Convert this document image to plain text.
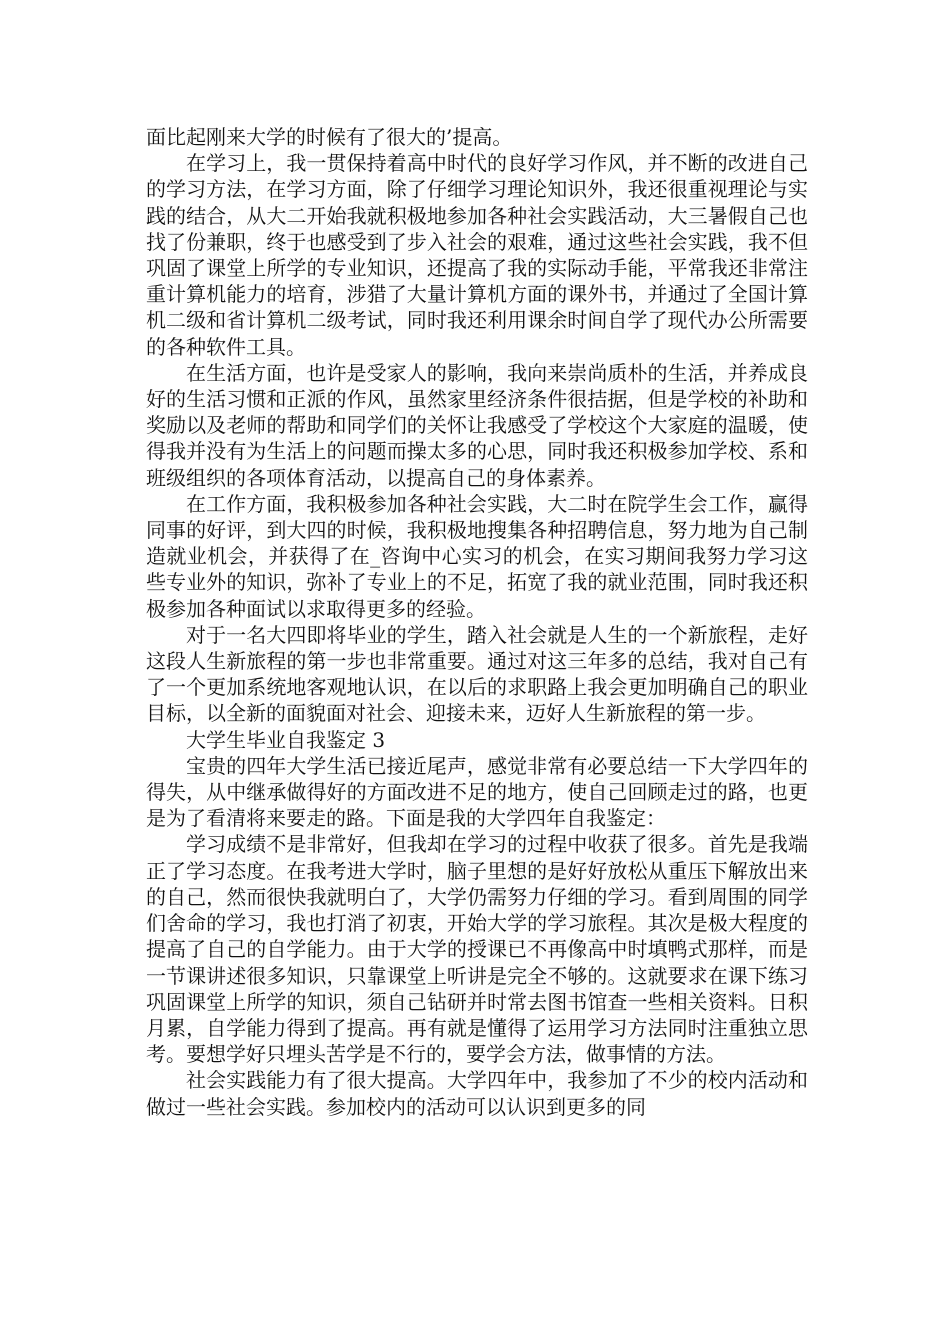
面比起刚来大学的时候有了很大的’提高。

在学习上，我一贯保持着高中时代的良好学习作风，并不断的改进自己的学习方法，在学习方面，除了仔细学习理论知识外，我还很重视理论与实践的结合，从大二开始我就积极地参加各种社会实践活动，大三暑假自己也找了份兼职，终于也感受到了步入社会的艰难，通过这些社会实践，我不但巩固了课堂上所学的专业知识，还提高了我的实际动手能，平常我还非常注重计算机能力的培育，涉猎了大量计算机方面的课外书，并通过了全国计算机二级和省计算机二级考试，同时我还利用课余时间自学了现代办公所需要的各种软件工具。

在生活方面，也许是受家人的影响，我向来崇尚质朴的生活，并养成良好的生活习惯和正派的作风，虽然家里经济条件很拮据，但是学校的补助和奖励以及老师的帮助和同学们的关怀让我感受了学校这个大家庭的温暖，使得我并没有为生活上的问题而操太多的心思，同时我还积极参加学校、系和班级组织的各项体育活动，以提高自己的身体素养。

在工作方面，我积极参加各种社会实践，大二时在院学生会工作，赢得同事的好评，到大四的时候，我积极地搜集各种招聘信息，努力地为自己制造就业机会，并获得了在_咨询中心实习的机会，在实习期间我努力学习这些专业外的知识，弥补了专业上的不足，拓宽了我的就业范围，同时我还积极参加各种面试以求取得更多的经验。

对于一名大四即将毕业的学生，踏入社会就是人生的一个新旅程，走好这段人生新旅程的第一步也非常重要。通过对这三年多的总结，我对自己有了一个更加系统地客观地认识，在以后的求职路上我会更加明确自己的职业目标，以全新的面貌面对社会、迎接未来，迈好人生新旅程的第一步。

大学生毕业自我鉴定 3

宝贵的四年大学生活已接近尾声，感觉非常有必要总结一下大学四年的得失，从中继承做得好的方面改进不足的地方，使自己回顾走过的路，也更是为了看清将来要走的路。下面是我的大学四年自我鉴定：

学习成绩不是非常好，但我却在学习的过程中收获了很多。首先是我端正了学习态度。在我考进大学时，脑子里想的是好好放松从重压下解放出来的自己，然而很快我就明白了，大学仍需努力仔细的学习。看到周围的同学们舍命的学习，我也打消了初衷，开始大学的学习旅程。其次是极大程度的提高了自己的自学能力。由于大学的授课已不再像高中时填鸭式那样，而是一节课讲述很多知识，只靠课堂上听讲是完全不够的。这就要求在课下练习巩固课堂上所学的知识，须自己钻研并时常去图书馆查一些相关资料。日积月累，自学能力得到了提高。再有就是懂得了运用学习方法同时注重独立思考。要想学好只埋头苦学是不行的，要学会方法，做事情的方法。

社会实践能力有了很大提高。大学四年中，我参加了不少的校内活动和做过一些社会实践。参加校内的活动可以认识到更多的同
